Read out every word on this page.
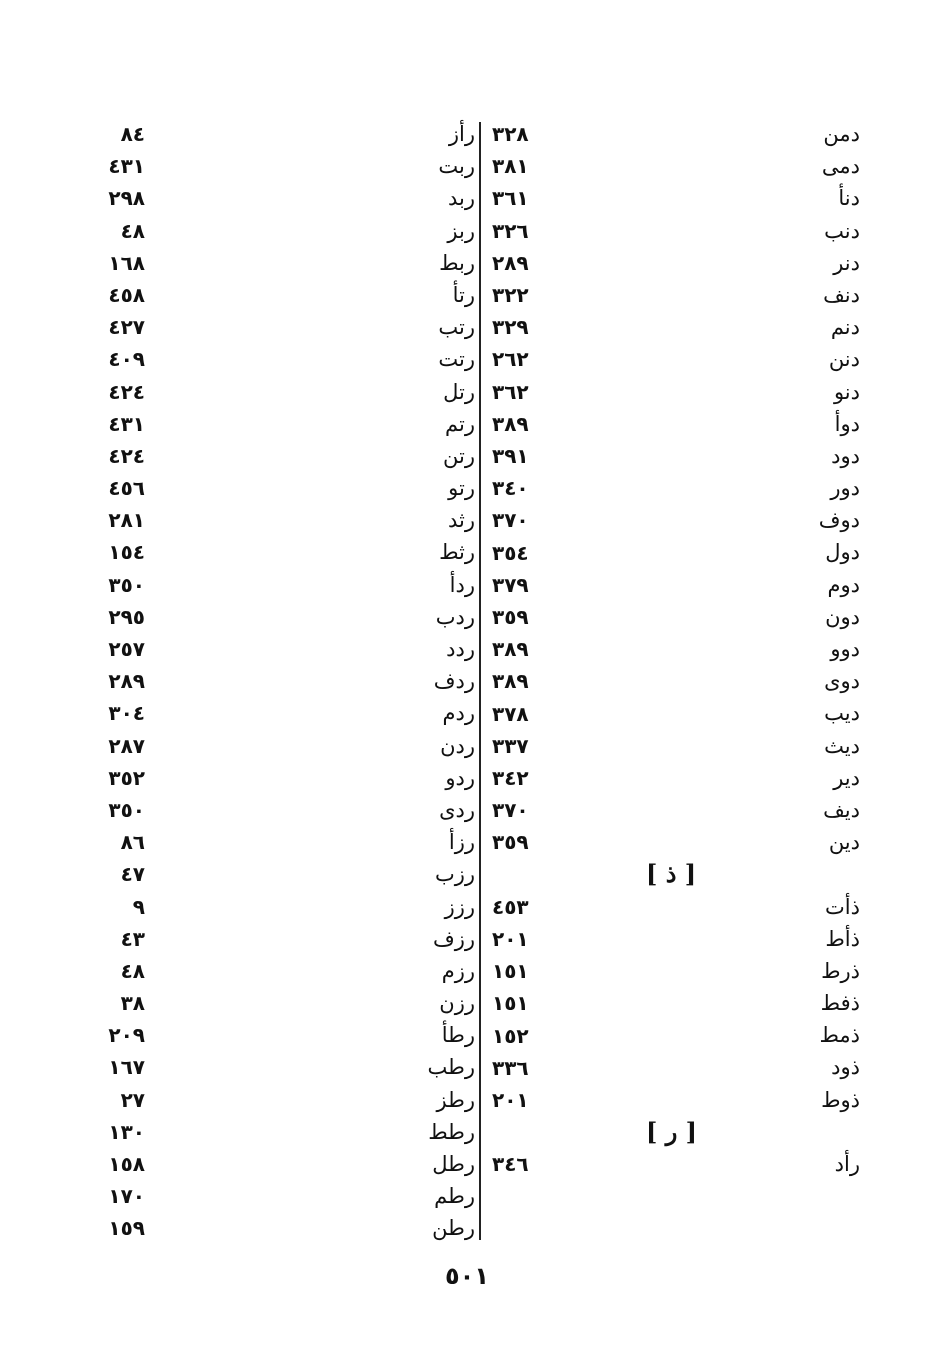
دمن
دمى
دنأ
دنب
دنر
دنف
دنم
دنن
دنو
دوأ
دود
دور
دوف
دول
دوم
دون
دوو
دوى
ديب
ديث
دير
ديف
دين
[ ذ ]
ذأت
ذأط
ذرط
ذفط
ذمط
ذود
ذوط
[ ر ]
رأد
رأز
ربت
ربد
ربز
ربط
رتأ
رتب
رتت
رتل
رتم
رتن
رتو
رثد
رثط
ردأ
ردب
ردد
ردف
ردم
ردن
ردو
ردى
رزأ
رزب
رزز
رزف
رزم
رزن
رطأ
رطب
رطز
رطط
رطل
رطم
رطن
٨٤
٤٣١
٢٩٨
٤٨
١٦٨
٤٥٨
٤٢٧
٤٠٩
٤٢٤
٤٣١
٤٢٤
٤٥٦
٢٨١
١٥٤
٣٥٠
٢٩٥
٢٥٧
٢٨٩
٣٠٤
٢٨٧
٣٥٢
٣٥٠
٨٦
٤٧
٩
٤٣
٤٨
٣٨
٢٠٩
١٦٧
٢٧
١٣٠
١٥٨
١٧٠
١٥٩
٥٠١
٣٢٨
٣٨١
٣٦١
٣٢٦
٢٨٩
٣٢٢
٣٢٩
٢٦٢
٣٦٢
٣٨٩
٣٩١
٣٤٠
٣٧٠
٣٥٤
٣٧٩
٣٥٩
٣٨٩
٣٨٩
٣٧٨
٣٣٧
٣٤٢
٣٧٠
٣٥٩
٤٥٣
٢٠١
١٥١
١٥١
١٥٢
٣٣٦
٢٠١
٣٤٦
